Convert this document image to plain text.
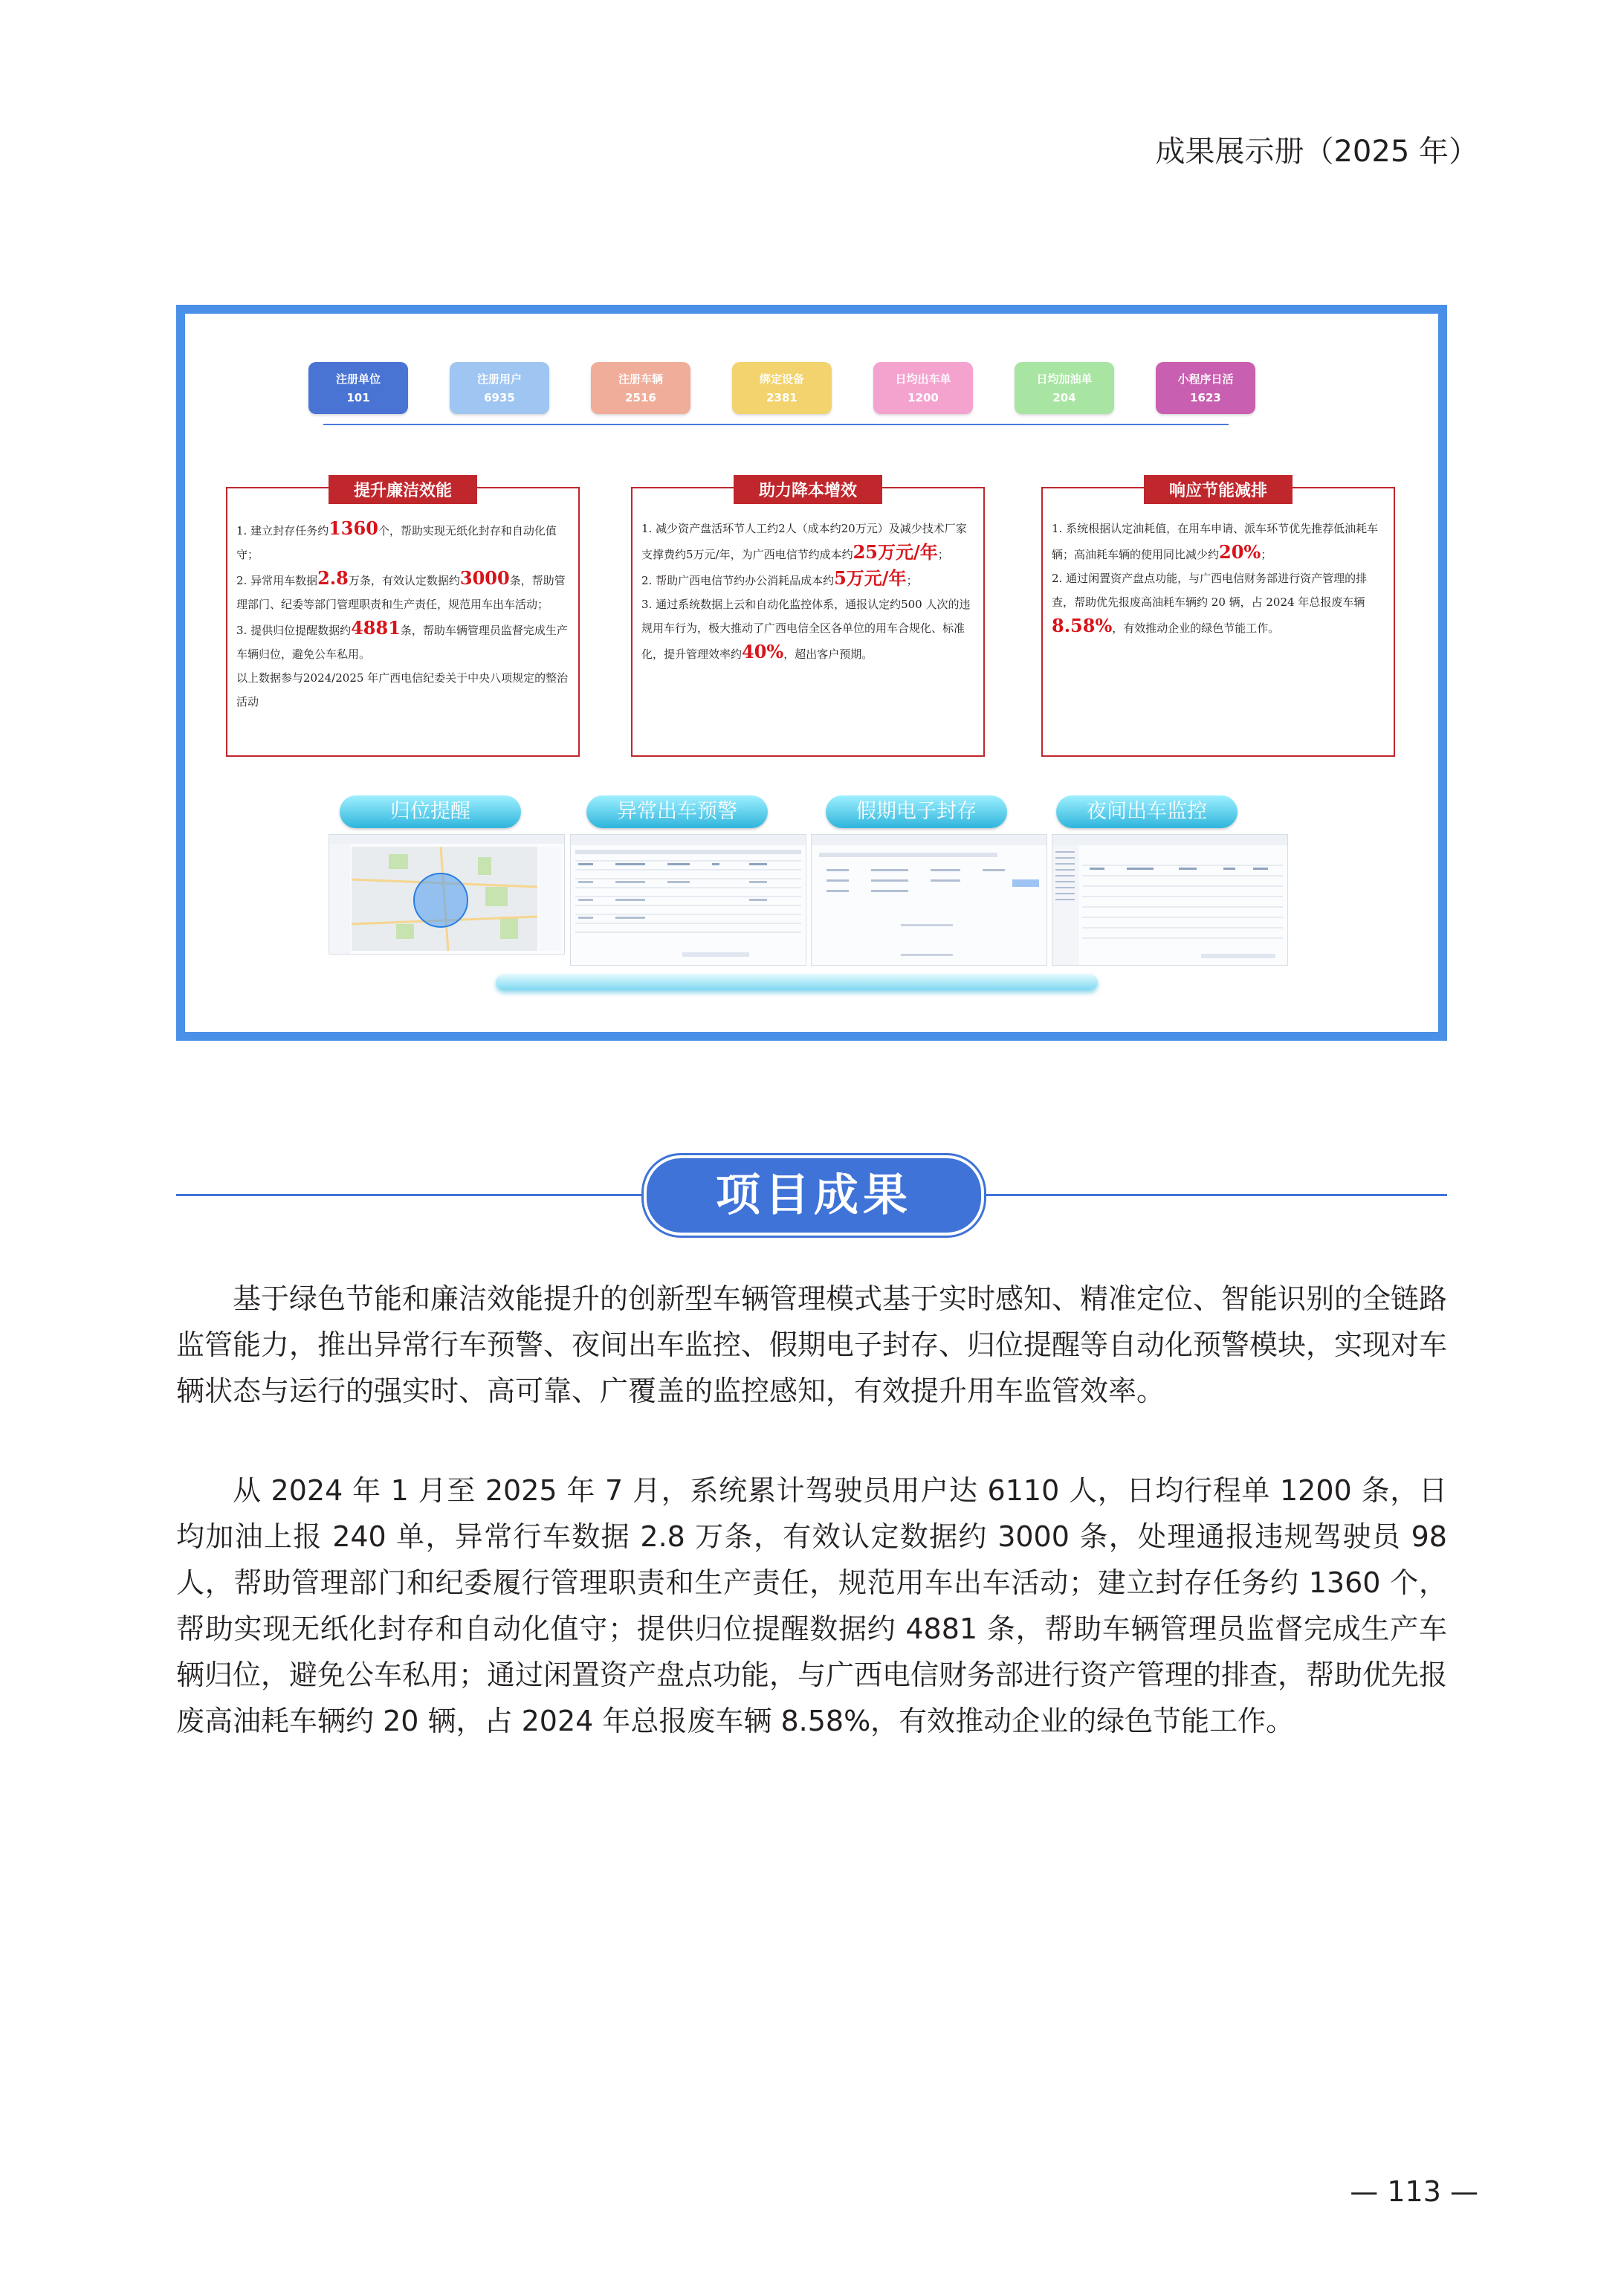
成果展示册（2025 年）
注册单位
101
注册用户
6935
注册车辆
2516
绑定设备
2381
日均出车单
1200
日均加油单
204
小程序日活
1623
提升廉洁效能

1. 建立封存任务约1360个，帮助实现无纸化封存和自动化值守；

2. 异常用车数据2.8万条，有效认定数据约3000条，帮助管理部门、纪委等部门管理职责和生产责任，规范用车出车活动；

3. 提供归位提醒数据约4881条，帮助车辆管理员监督完成生产车辆归位，避免公车私用。

以上数据参与2024/2025 年广西电信纪委关于中央八项规定的整治活动

助力降本增效

1. 减少资产盘活环节人工约2人（成本约20万元）及减少技术厂家支撑费约5万元/年，为广西电信节约成本约25万元/年；

2. 帮助广西电信节约办公消耗品成本约5万元/年；

3. 通过系统数据上云和自动化监控体系，通报认定约500 人次的违规用车行为，极大推动了广西电信全区各单位的用车合规化、标准化，提升管理效率约40%，超出客户预期。

响应节能减排

1. 系统根据认定油耗值，在用车申请、派车环节优先推荐低油耗车辆；高油耗车辆的使用同比减少约20%；

2. 通过闲置资产盘点功能，与广西电信财务部进行资产管理的排查，帮助优先报废高油耗车辆约 20 辆，占 2024 年总报废车辆 8.58%，有效推动企业的绿色节能工作。

归位提醒	异常出车预警	假期电子封存	夜间出车监控
项目成果

基于绿色节能和廉洁效能提升的创新型车辆管理模式基于实时感知、精准定位、智能识别的全链路监管能力，推出异常行车预警、夜间出车监控、假期电子封存、归位提醒等自动化预警模块，实现对车辆状态与运行的强实时、高可靠、广覆盖的监控感知，有效提升用车监管效率。

从 2024 年 1 月至 2025 年 7 月，系统累计驾驶员用户达 6110 人，日均行程单 1200 条，日均加油上报 240 单，异常行车数据 2.8 万条，有效认定数据约 3000 条，处理通报违规驾驶员 98 人，帮助管理部门和纪委履行管理职责和生产责任，规范用车出车活动；建立封存任务约 1360 个，帮助实现无纸化封存和自动化值守；提供归位提醒数据约 4881 条，帮助车辆管理员监督完成生产车辆归位，避免公车私用；通过闲置资产盘点功能，与广西电信财务部进行资产管理的排查，帮助优先报废高油耗车辆约 20 辆，占 2024 年总报废车辆 8.58%，有效推动企业的绿色节能工作。

— 113 —
